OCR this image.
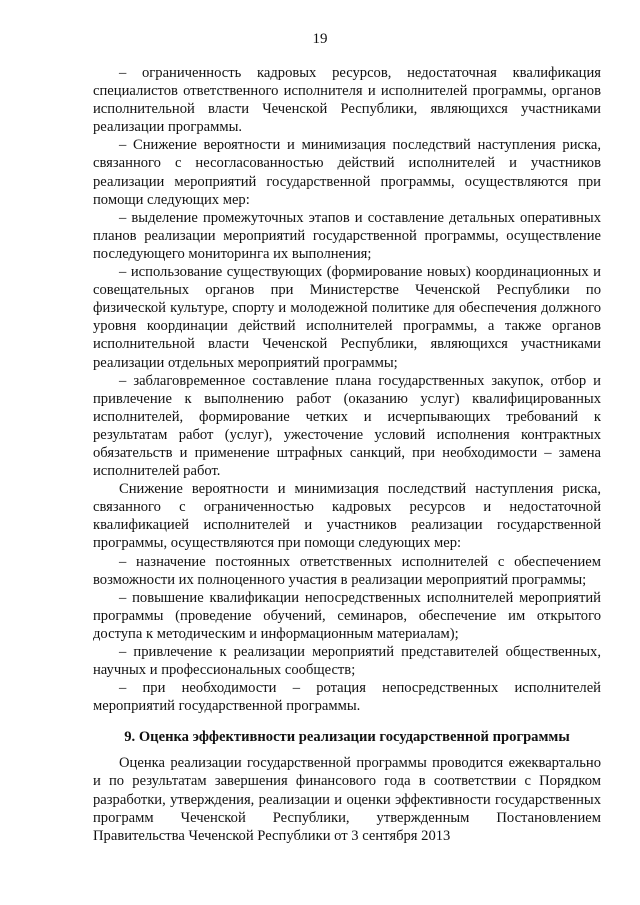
19

– ограниченность кадровых ресурсов, недостаточная квалификация специалистов ответственного исполнителя и исполнителей программы, органов исполнительной власти Чеченской Республики, являющихся участниками реализации программы.

– Снижение вероятности и минимизация последствий наступления риска, связанного с несогласованностью действий исполнителей и участников реализации мероприятий государственной программы, осуществляются при помощи следующих мер:

– выделение промежуточных этапов и составление детальных оперативных планов реализации мероприятий государственной программы, осуществление последующего мониторинга их выполнения;

– использование существующих (формирование новых) координационных и совещательных органов при Министерстве Чеченской Республики по физической культуре, спорту и молодежной политике для обеспечения должного уровня координации действий исполнителей программы, а также органов исполнительной власти Чеченской Республики, являющихся участниками реализации отдельных мероприятий программы;

– заблаговременное составление плана государственных закупок, отбор и привлечение к выполнению работ (оказанию услуг) квалифицированных исполнителей, формирование четких и исчерпывающих требований к результатам работ (услуг), ужесточение условий исполнения контрактных обязательств и применение штрафных санкций, при необходимости – замена исполнителей работ.

Снижение вероятности и минимизация последствий наступления риска, связанного с ограниченностью кадровых ресурсов и недостаточной квалификацией исполнителей и участников реализации государственной программы, осуществляются при помощи следующих мер:

– назначение постоянных ответственных исполнителей с обеспечением возможности их полноценного участия в реализации мероприятий программы;

– повышение квалификации непосредственных исполнителей мероприятий программы (проведение обучений, семинаров, обеспечение им открытого доступа к методическим и информационным материалам);

– привлечение к реализации мероприятий представителей общественных, научных и профессиональных сообществ;

– при необходимости – ротация непосредственных исполнителей мероприятий государственной программы.

9. Оценка эффективности реализации государственной программы

Оценка реализации государственной программы проводится ежеквартально и по результатам завершения финансового года в соответствии с Порядком разработки, утверждения, реализации и оценки эффективности государственных программ Чеченской Республики, утвержденным Постановлением Правительства Чеченской Республики от 3 сентября 2013
